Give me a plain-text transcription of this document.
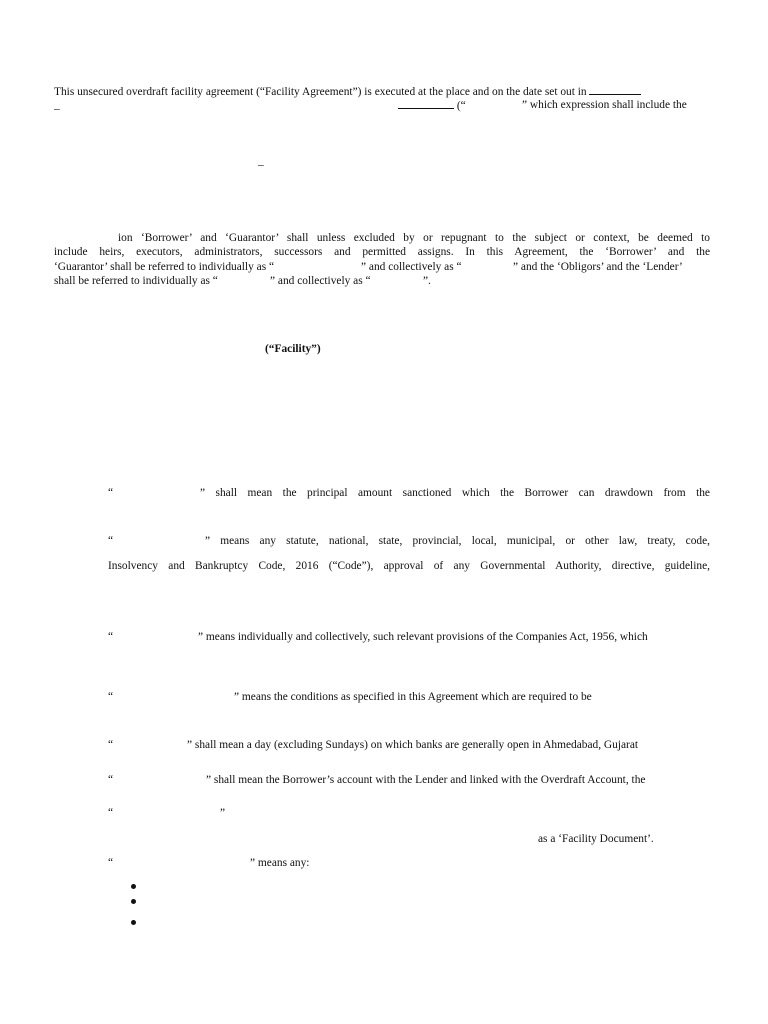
This unsecured overdraft facility agreement (“Facility Agreement”) is executed at the place and on the date set out in
_	(“	” which expression shall include the
_
ion ‘Borrower’ and ‘Guarantor’ shall unless excluded by or repugnant to the subject or context, be deemed to
include heirs, executors, administrators, successors and permitted assigns. In this Agreement, the ‘Borrower’ and the
‘Guarantor’ shall be referred to individually as “	” and collectively as “	” and the ‘Obligors’ and the ‘Lender’
shall be referred to individually as “	” and collectively as “	”.
(“Facility”)
“	” shall mean the principal amount sanctioned which the Borrower can drawdown from the
“	” means any statute, national, state, provincial, local, municipal, or other law, treaty, code,
Insolvency and Bankruptcy Code, 2016 (“Code”), approval of any Governmental Authority, directive, guideline,
“	” means individually and collectively, such relevant provisions of the Companies Act, 1956, which
“	” means the conditions as specified in this Agreement which are required to be
“	” shall mean a day (excluding Sundays) on which banks are generally open in Ahmedabad, Gujarat
“	” shall mean the Borrower’s account with the Lender and linked with the Overdraft Account, the
“	”
as a ‘Facility Document’.
“	” means any:
